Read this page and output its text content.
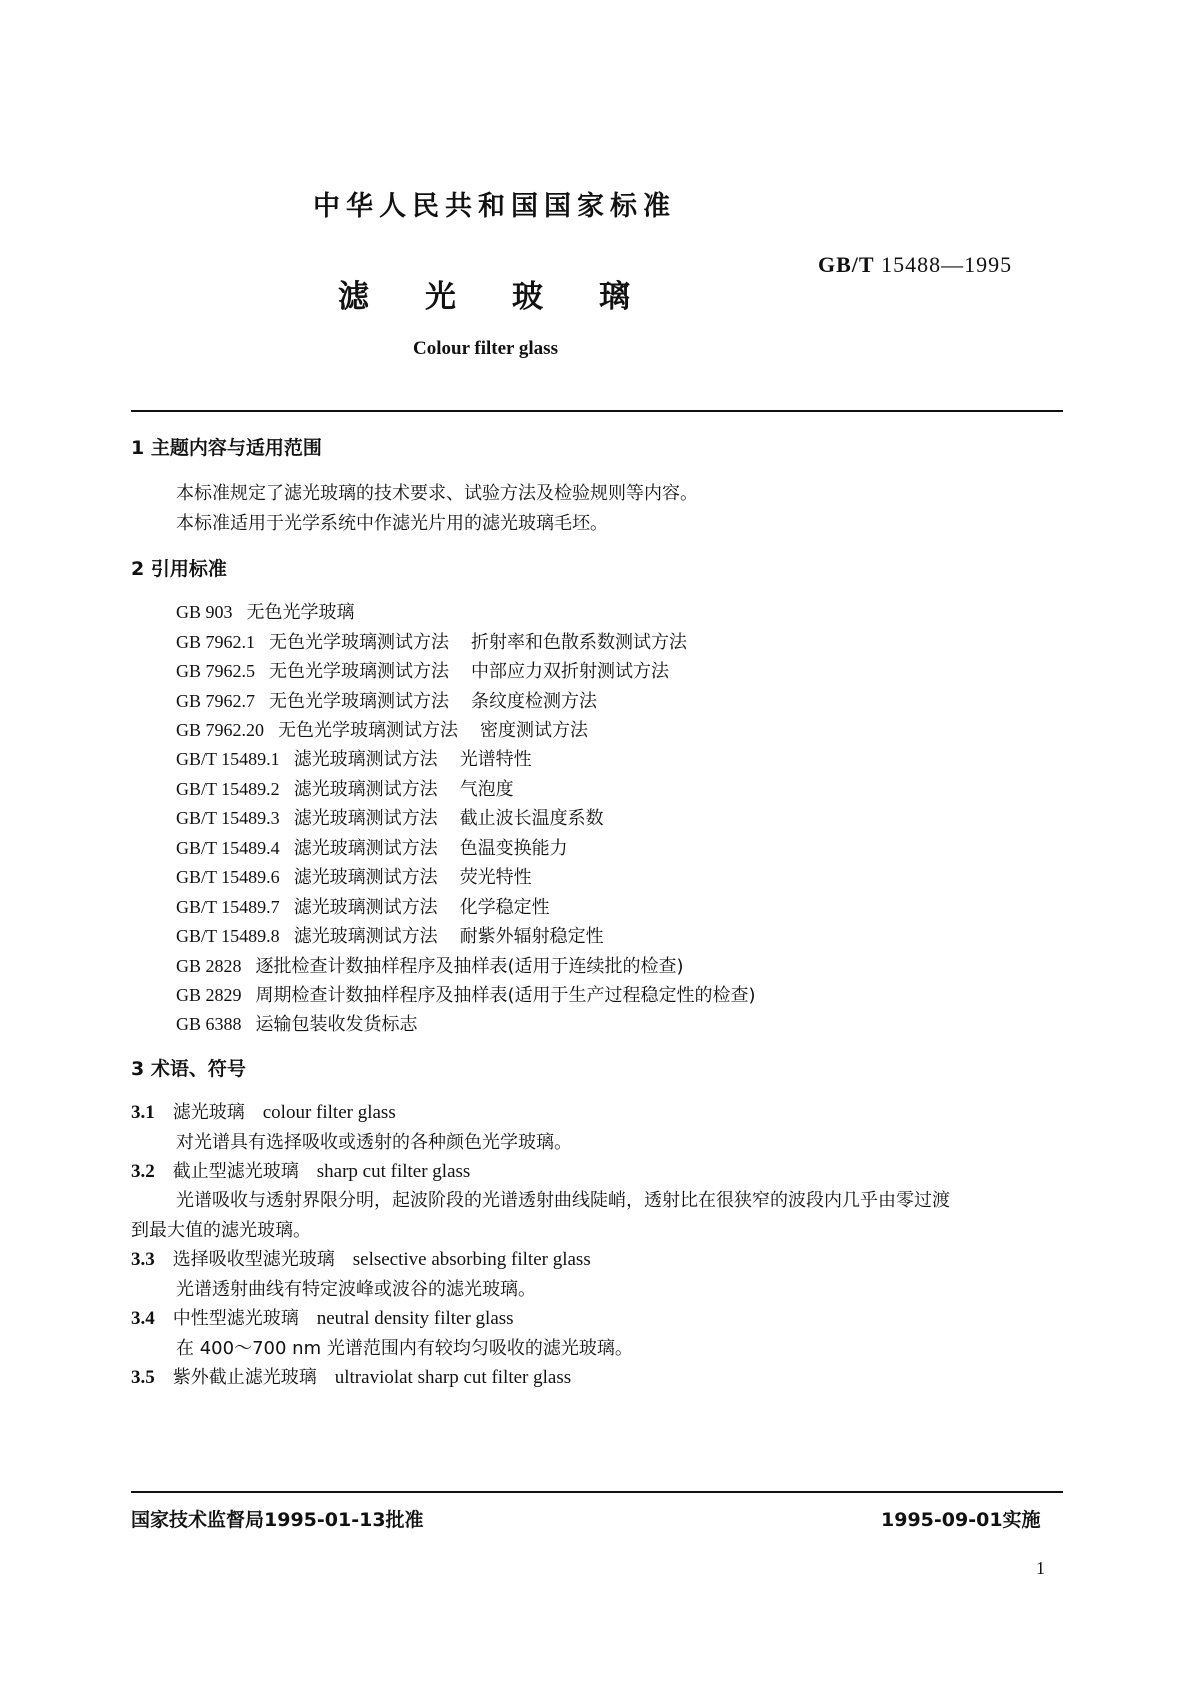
中华人民共和国国家标准
GB/T 15488—1995
滤光玻璃
Colour filter glass
1 主题内容与适用范围
本标准规定了滤光玻璃的技术要求、试验方法及检验规则等内容。
本标准适用于光学系统中作滤光片用的滤光玻璃毛坯。
2 引用标准
GB 903 无色光学玻璃
GB 7962.1 无色光学玻璃测试方法 折射率和色散系数测试方法
GB 7962.5 无色光学玻璃测试方法 中部应力双折射测试方法
GB 7962.7 无色光学玻璃测试方法 条纹度检测方法
GB 7962.20 无色光学玻璃测试方法 密度测试方法
GB/T 15489.1 滤光玻璃测试方法 光谱特性
GB/T 15489.2 滤光玻璃测试方法 气泡度
GB/T 15489.3 滤光玻璃测试方法 截止波长温度系数
GB/T 15489.4 滤光玻璃测试方法 色温变换能力
GB/T 15489.6 滤光玻璃测试方法 荧光特性
GB/T 15489.7 滤光玻璃测试方法 化学稳定性
GB/T 15489.8 滤光玻璃测试方法 耐紫外辐射稳定性
GB 2828 逐批检查计数抽样程序及抽样表(适用于连续批的检查)
GB 2829 周期检查计数抽样程序及抽样表(适用于生产过程稳定性的检查)
GB 6388 运输包装收发货标志
3 术语、符号
3.1 滤光玻璃 colour filter glass
对光谱具有选择吸收或透射的各种颜色光学玻璃。
3.2 截止型滤光玻璃 sharp cut filter glass
光谱吸收与透射界限分明，起波阶段的光谱透射曲线陡峭，透射比在很狭窄的波段内几乎由零过渡
到最大值的滤光玻璃。
3.3 选择吸收型滤光玻璃 selsective absorbing filter glass
光谱透射曲线有特定波峰或波谷的滤光玻璃。
3.4 中性型滤光玻璃 neutral density filter glass
在 400～700 nm 光谱范围内有较均匀吸收的滤光玻璃。
3.5 紫外截止滤光玻璃 ultraviolat sharp cut filter glass
国家技术监督局1995-01-13批准	1995-09-01实施
1
